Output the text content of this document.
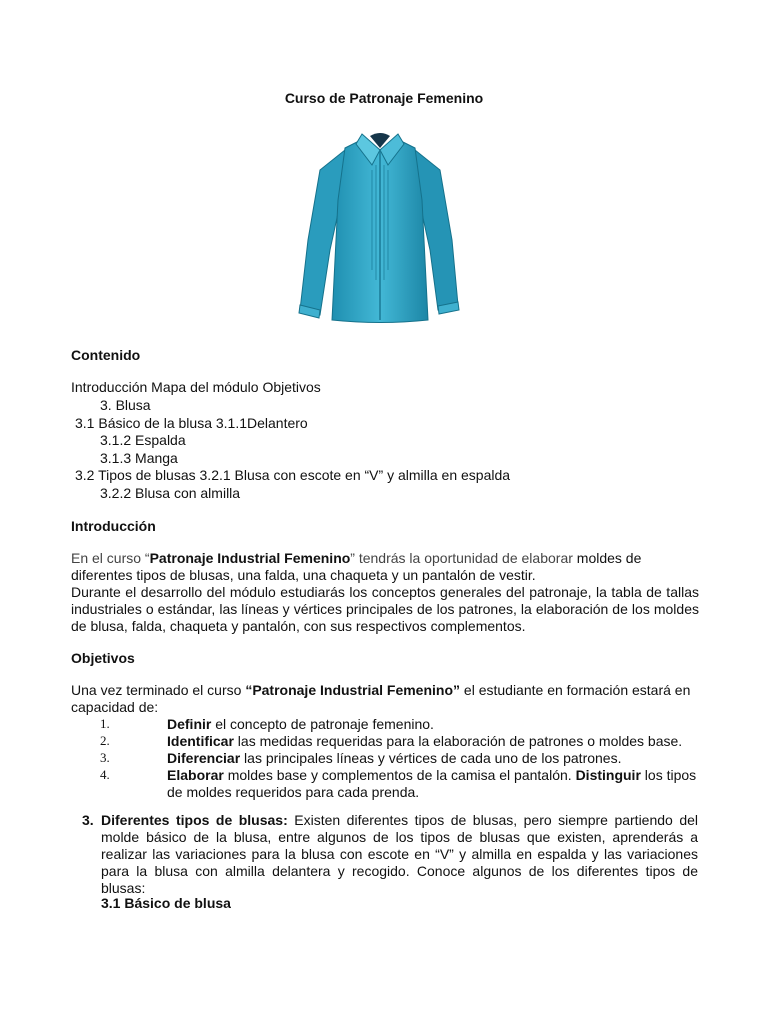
Curso de Patronaje Femenino
Contenido
Introducción Mapa del módulo Objetivos
3. Blusa
3.1 Básico de la blusa 3.1.1Delantero
3.1.2 Espalda
3.1.3 Manga
3.2 Tipos de blusas 3.2.1 Blusa con escote en “V” y almilla en espalda
3.2.2 Blusa con almilla
Introducción
En el curso “Patronaje Industrial Femenino” tendrás la oportunidad de elaborar moldes de
diferentes tipos de blusas, una falda, una chaqueta y un pantalón de vestir.
Durante el desarrollo del módulo estudiarás los conceptos generales del patronaje, la tabla de tallas industriales o estándar, las líneas y vértices principales de los patrones, la elaboración de los moldes de blusa, falda, chaqueta y pantalón, con sus respectivos complementos.
Objetivos
Una vez terminado el curso “Patronaje Industrial Femenino” el estudiante en formación estará en
capacidad de:
1.	Definir el concepto de patronaje femenino.
2.	Identificar las medidas requeridas para la elaboración de patrones o moldes base.
3.	Diferenciar las principales líneas y vértices de cada uno de los patrones.
4.	Elaborar moldes base y complementos de la camisa el pantalón. Distinguir los tipos de moldes requeridos para cada prenda.
3. Diferentes tipos de blusas: Existen diferentes tipos de blusas, pero siempre partiendo del molde básico de la blusa, entre algunos de los tipos de blusas que existen, aprenderás a realizar las variaciones para la blusa con escote en “V” y almilla en espalda y las variaciones para la blusa con almilla delantera y recogido. Conoce algunos de los diferentes tipos de blusas:
3.1 Básico de blusa
